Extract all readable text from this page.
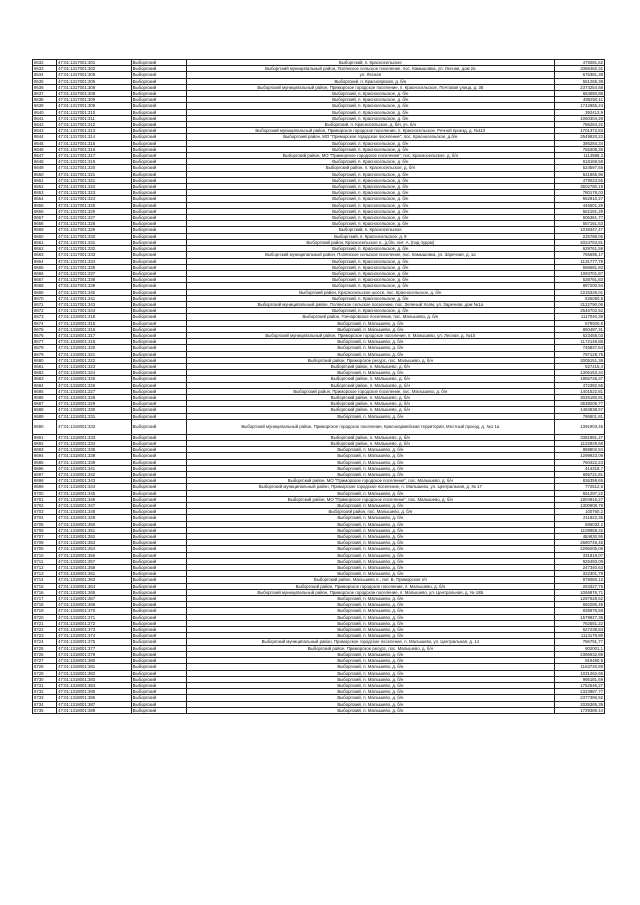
8632	47:01:1317001:301	Выборгский	Выборгский, п. Красносельское	479281,62
8633	47:01:1317001:302	Выборгский	Выборгский муниципальный район, Полянское сельское поселение, пос. Камышовка, ул. Лесная, дом 2а	3365482,31
8634	47:01:1317001:305	Выборгский	ул. Лесная	676381,38
8635	47:01:1317001:306	Выборгский	Выборгский, п. Красноярская, д. б/н	551265,38
8636	47:01:1317001:308	Выборгский	Выборгский муниципальный район, Приморское городское поселение, п. Красносельское, Почтовая улица, д. 38	2374254,68
8637	47:01:1317001:308	Выборгский	Выборгский, п. Красносельское, д. б/н	684680,86
8638	47:01:1317001:309	Выборгский	Выборгский, п. Красносельское, д. б/н	485250,11
8639	47:01:1317001:309	Выборгский	Выборгский, п. Красносельское, д. б/н	1742855,24
8640	47:01:1317001:310	Выборгский	Выборгский, п. Красносельское, д. б/н	392413,9
8641	47:01:1317001:311	Выборгский	Выборгский, п. Красносельское, д. б/н	1060304,29
8642	47:01:1317001:312	Выборгский	Выборгский, п. Красносельское, д. б/н, уч. б/н	786284,22
8643	47:01:1317001:313	Выборгский	Выборгский муниципальный район, Приморское городское поселение, п. Красносельское, Речной проезд, д. №110	1701372,83
8644	47:01:1317001:314	Выборгский	Выборгский район, МО "Приморское городское поселение", пос. Красносельское, д.б/н	2549820,22
8645	47:01:1317001:315	Выборгский	Выборгский, п. Красносельское, д. б/н	386284,34
8646	47:01:1317001:316	Выборгский	Выборгский, п. Красносельское, д. б/н	755308,35
8647	47:01:1317001:317	Выборгский	Выборгский район, МО "Приморское городское поселение", пос. Красносельское, д. б/н	1114588,3
8648	47:01:1317001:319	Выборгский	Выборгский, п. Красносельское, д. б/н	918169,58
8649	47:01:1317001:320	Выборгский	Выборгский район, п. Красносельское, д. б/н	524597,55
8650	47:01:1317001:321	Выборгский	Выборгский, п. Красносельское, д. б/н	521865,96
8651	47:01:1317001:321	Выборгский	Выборгский, п. Красносельское, д. б/н	479023,55
8652	47:01:1317001:322	Выборгский	Выборгский, п. Красносельское, д. б/н	3502780,19
8653	47:01:1317001:323	Выборгский	Выборгский, п. Красносельское, д. б/н	780178,03
8654	47:01:1317001:324	Выборгский	Выборгский, п. Красносельское, д. б/н	552810,27
8655	47:01:1317001:325	Выборгский	Выборгский, п. Красносельское, д. б/н	446601,29
8656	47:01:1317001:326	Выборгский	Выборгский, п. Красносельское, д. б/н	562181,29
8657	47:01:1317001:327	Выборгский	Выборгский, п. Красносельское, д. б/н	506361,77
8658	47:01:1317001:328	Выборгский	Выборгский, п. Красносельское, д. б/н	557161,53
8659	47:01:1317001:329	Выборгский	Выборгский, п. Красносельское	1038347,47
8660	47:01:1317001:330	Выборгский	Выборгский, п. Красносельское, д. 9	225789,05
8661	47:01:1317001:331	Выборгский	Выборгский район, Красносельское п., д.б/н, лит. А, (под пудом)	4024763,81
8662	47:01:1317001:332	Выборгский	Выборгский, п. Красносельское, д. б/н	629761,59
8663	47:01:1317001:333	Выборгский	Выборгский муниципальный район, Полянское сельское поселение, пос. Камышовка, ул. Заречная, д. 1а	756695,17
8664	47:01:1317001:334	Выборгский	Выборгский, п. Красносельское, д. б/н	1131777,79
8665	47:01:1317001:335	Выборгский	Выборгский, п. Красносельское, д. б/н	586581,83
8666	47:01:1317001:337	Выборгский	Выборгский, п. Красносельское, д. б/н	1093701,87
8667	47:01:1317001:338	Выборгский	Выборгский, п. Красносельское, д. б/н	538781,83
8668	47:01:1317001:339	Выборгский	Выборгский, п. Красносельское, д. б/н	897200,94
8669	47:01:1317001:340	Выборгский	Выборгский район, Красносельское шоссе, пос. Красносельское, д. б/н	2215329,01
8670	47:01:1317001:341	Выборгский	Выборгский, п. Красносельское, д. б/н	626060,5
8671	47:01:1317001:343	Выборгский	Выборгский муниципальный район, Полянское сельское поселение, пос. Зеленый Холм, ул. Заречная, дом №1а	3122790,06
8672	47:01:1317001:344	Выборгский	Выборгский, п. Красносельское, д. б/н	2546702,52
8673	47:01:1318001:318	Выборгский	Выборгский район, Гончаровское поселение, пос. Малышево, д. б/н	1117040,39
8674	47:01:1318001:315	Выборгский	Выборгский, п. Малышево, д. б/н	679920,8
8675	47:01:1318001:316	Выборгский	Выборгский, п. Малышево, д. б/н	860487,31
8676	47:01:1318001:317	Выборгский	Выборгский муниципальный район, Приморское городское поселение, п. Малышево, ул. Лесная, д. №10	623458,03
8677	47:01:1318001:318	Выборгский	Выборгский, п. Малышево, д. б/н	1172148,86
8678	47:01:1318001:320	Выборгский	Выборгский, п. Малышево, д. б/н	745837,64
8679	47:01:1318001:321	Выборгский	Выборгский, п. Малышево, д. б/н	797128,75
8680	47:01:1318001:322	Выборгский	Выборгский район, Приморское ресурс, пос. Малышево, д. б/н	2005151,38
8681	47:01:1318001:323	Выборгский	Выборгский район, п. Малышево, д. б/н	527415,4
8682	47:01:1318001:324	Выборгский	Выборгский, п. Малышево, д. б/н	1306153,34
8683	47:01:1318001:325	Выборгский	Выборгский район, п. Малышево, д. б/н	1865726,37
8684	47:01:1318001:326	Выборгский	Выборгский район, п. Малышево, д. б/н	472382,55
8685	47:01:1318001:327	Выборгский	Выборгский район, Приморское городское поселение, пос. Малышево, д. б/н	1401522,81
8686	47:01:1318001:328	Выборгский	Выборгский район, п. Малышево, д. б/н	3026180,81
8687	47:01:1318001:329	Выборгский	Выборгский район, п. Малышево, д. б/н	3638206,77
8688	47:01:1318001:330	Выборгский	Выборгский район, п. Малышево, д. б/н	1484938,57
8689	47:01:1318001:331	Выборгский	Выборгский, п. Малышево, д. б/н	786801,81
8690	47:01:1318001:332	Выборгский	Выборгский муниципальный район, Приморское городское поселение, Красноармейская территория, Местный проезд, д. №1 1а	1391903,45
8691	47:01:1318001:333	Выборгский	Выборгский район, п. Малышево, д. б/н	3381881,27
8692	47:01:1318001:334	Выборгский	Выборгский район, п. Малышево, д. б/н	1122929,68
8693	47:01:1318001:335	Выборгский	Выборгский, п. Малышево, д. б/н	969802,84
8694	47:01:1318001:338	Выборгский	Выборгский, п. Малышево, д. б/н	1299923,09
8695	47:01:1318001:339	Выборгский	Выборгский, п. Малышево, д. б/н	760422,23
8696	47:01:1318001:341	Выборгский	Выборгский, п. Малышево, д. б/н	414318,7
8697	47:01:1318001:342	Выборгский	Выборгский, п. Малышево, д. б/н	696721,81
8698	47:01:1318001:343	Выборгский	Выборгский район, МО "Приморское городское поселение", пос. Малышево, д. б/н	836359,65
8699	47:01:1318001:344	Выборгский	Выборгский муниципальный район, Приморское городское поселение, п. Малышево, ул. Центральная, д. № 17	772512,6
8700	47:01:1318001:345	Выборгский	Выборгский, п. Малышево, д. б/н	551297,22
8701	47:01:1318001:346	Выборгский	Выборгский район, МО "Приморское городское поселение", пос. Малышево, д. б/н	1804916,27
8702	47:01:1318001:347	Выборгский	Выборгский, п. Малышево, д. б/н	1300908,79
8703	47:01:1318001:348	Выборгский	Выборгский район, пос. Малышево, д. б/н	100760,2
8704	47:01:1318001:349	Выборгский	Выборгский, п. Малышево, д. б/н	211822,35
8705	47:01:1318001:350	Выборгский	Выборгский, п. Малышево, д. б/н	696032,2
8706	47:01:1318001:351	Выборгский	Выборгский, п. Малышево, д. б/н	1108959,32
8707	47:01:1318001:352	Выборгский	Выборгский, п. Малышево, д. б/н	484830,95
8708	47:01:1318001:353	Выборгский	Выборгский, п. Малышево, д. б/н	2680749,45
8709	47:01:1318001:354	Выборгский	Выборгский, п. Малышево, д. б/н	2296205,09
8710	47:01:1318001:356	Выборгский	Выборгский, п. Малышево, д. б/н	331819,07
8711	47:01:1318001:357	Выборгский	Выборгский, п. Малышево, д. б/н	925493,09
8712	47:01:1318001:358	Выборгский	Выборгский, п. Малышево, д. б/н	247340,63
8713	47:01:1318001:361	Выборгский	Выборгский, п. Малышево, д. б/н	322301,79
8714	47:01:1318001:363	Выборгский	Выборгский район, Малышево п., лит. В, Приморское г/п	979060,12
8715	47:01:1318001:364	Выборгский	Выборгский район, Приморское городское поселение, п. Малышево, д. б/н	253327,75
8716	47:01:1318001:365	Выборгский	Выборгский муниципальный район, Приморское городское поселение, п. Малышево, ул. Центральная, д. № 18Б	1066976,71
8717	47:01:1318001:367	Выборгский	Выборгский, п. Малышево, д. б/н	1287528,62
8718	47:01:1318001:368	Выборгский	Выборгский, п. Малышево, д. б/н	692285,49
8719	47:01:1318001:370	Выборгский	Выборгский, п. Малышево, д. б/н	836975,58
8720	47:01:1318001:371	Выборгский	Выборгский, п. Малышево, д. б/н	1579927,35
8721	47:01:1318001:372	Выборгский	Выборгский, п. Малышево, д. б/н	762581,22
8722	47:01:1318001:373	Выборгский	Выборгский, п. Малышево, д. б/н	627239,84
8723	47:01:1318001:374	Выборгский	Выборгский, п. Малышево, д. б/н	1113179,89
8724	47:01:1318001:375	Выборгский	Выборгский муниципальный район, Приморское городское поселение, п. Малышево, ул. Центральная, д. 14	786791,77
8725	47:01:1318001:377	Выборгский	Выборгский район, Приморское ресурс, пос. Малышево, д. б/н	802001,1
8726	47:01:1318001:379	Выборгский	Выборгский, п. Малышево, д. б/н	2396932,89
8727	47:01:1318001:380	Выборгский	Выборгский, п. Малышево, д. б/н	819490,9
8728	47:01:1318001:381	Выборгский	Выборгский, п. Малышево, д. б/н	1163740,89
8729	47:01:1318001:382	Выборгский	Выборгский, п. Малышево, д. б/н	1031262,65
8730	47:01:1318001:383	Выборгский	Выборгский, п. Малышево, д. б/н	995181,69
8731	47:01:1318001:384	Выборгский	Выборгский, п. Малышево, д. б/н	1762546,27
8732	47:01:1318001:385	Выборгский	Выборгский, п. Малышево, д. б/н	2323987,77
8733	47:01:1318001:386	Выборгский	Выборгский, п. Малышево, д. б/н	2377396,52
8734	47:01:1318001:387	Выборгский	Выборгский, п. Малышево, д. б/н	2035365,39
8735	47:01:1318001:388	Выборгский	Выборгский, п. Малышево, д. б/н	1729389,44
